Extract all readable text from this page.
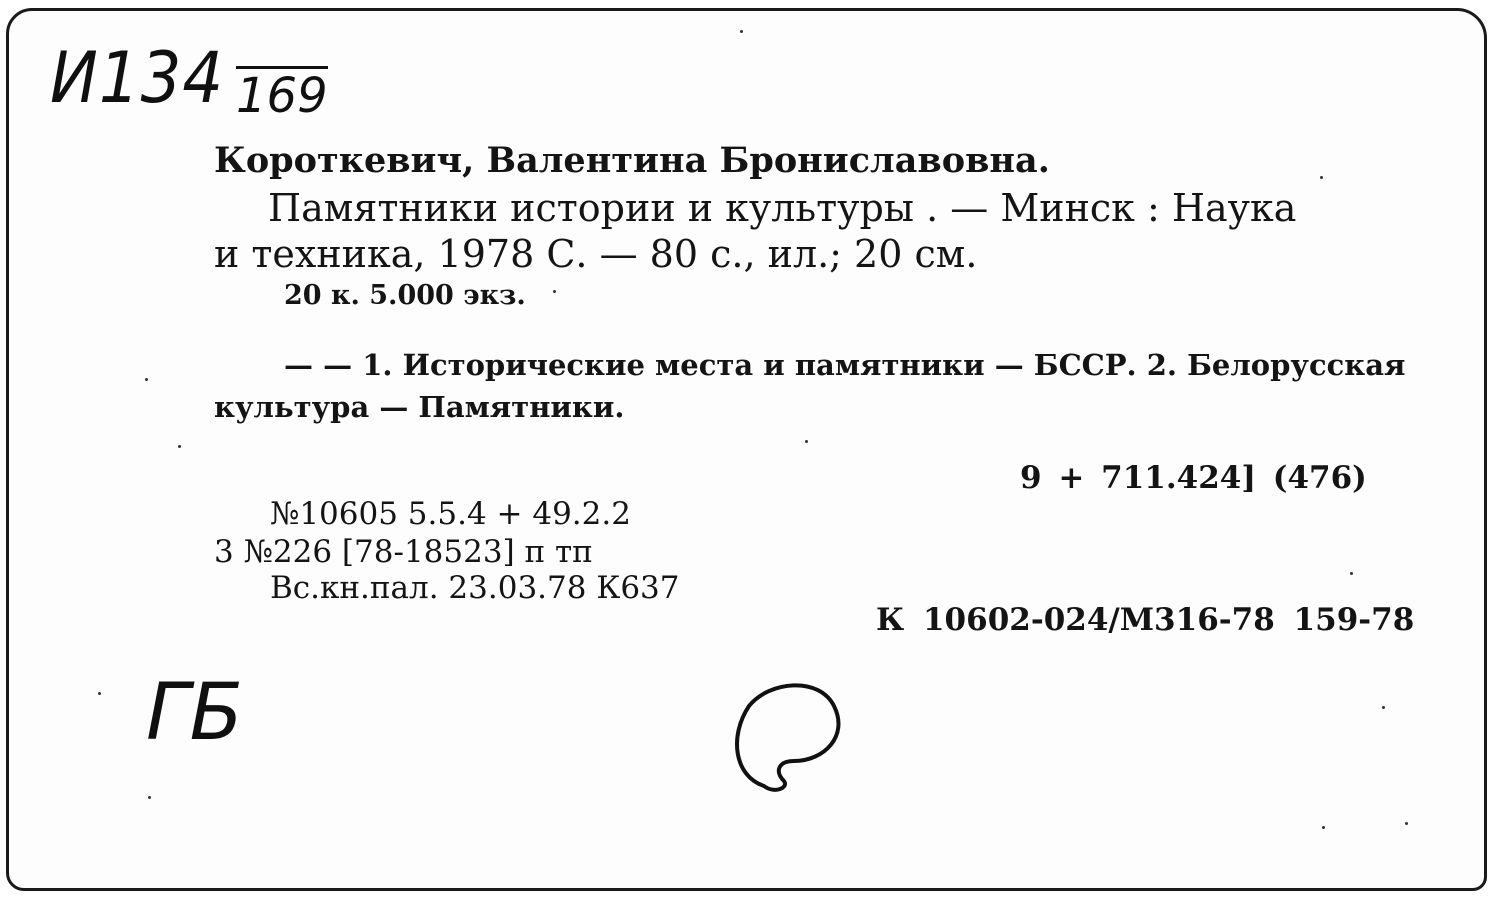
И134 169
Короткевич, Валентина Брониславовна.
Памятники истории и культуры . — Минск : Наука
и техника, 1978 С. — 80 с., ил.; 20 см.
20 к. 5.000 экз.
— — 1. Исторические места и памятники — БССР. 2. Белорусская
культура — Памятники.
9 + 711.424] (476)
№10605 5.5.4 + 49.2.2
3 №226 [78-18523] п тп
Вс.кн.пал. 23.03.78 К637
К 10602-024/М316-78 159-78
ГБ
